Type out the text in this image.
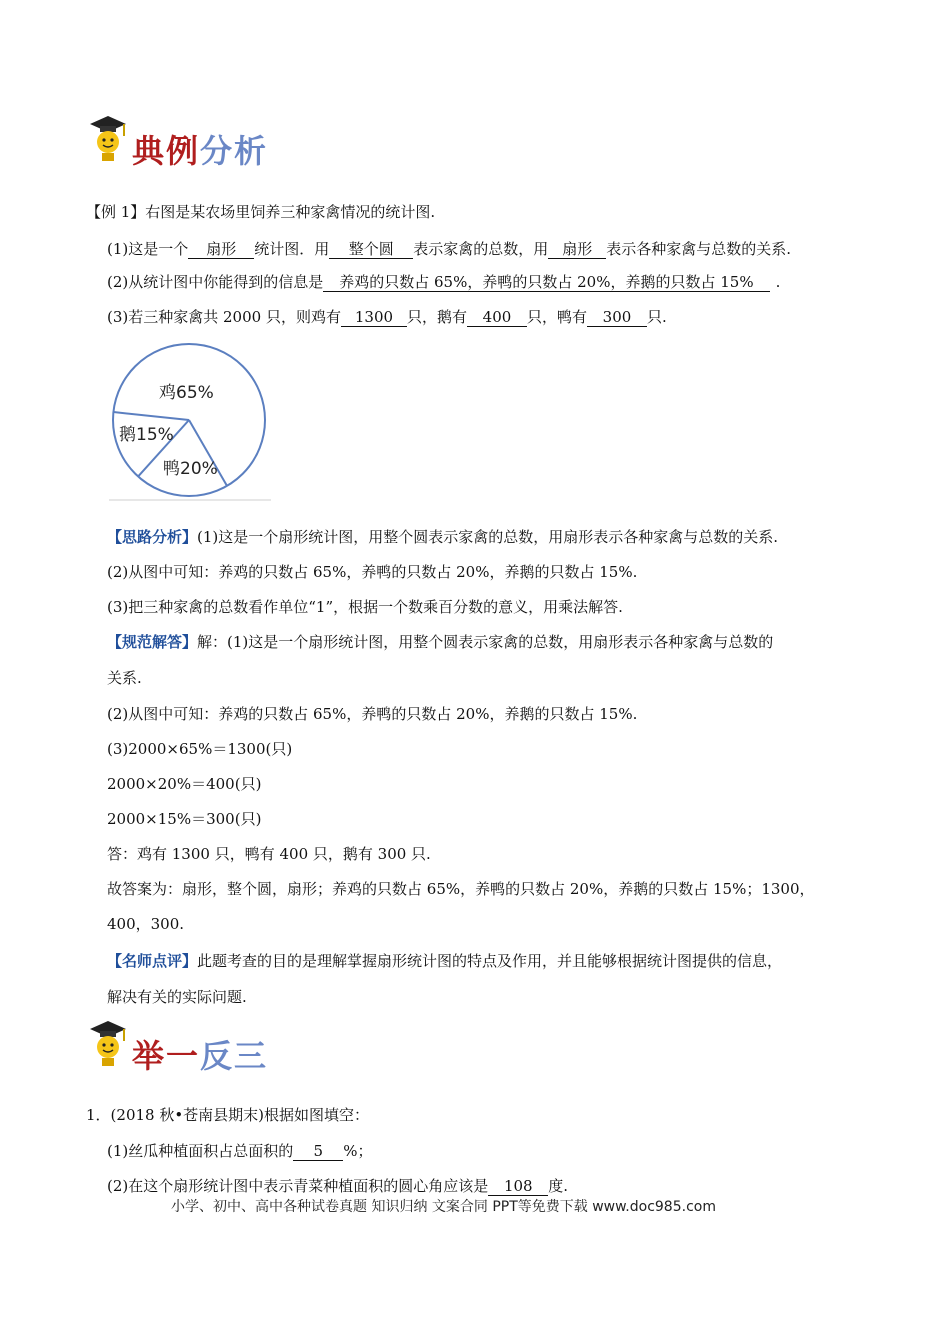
典例分析
【例 1】右图是某农场里饲养三种家禽情况的统计图.
(1)这是一个 扇形 统计图．用 整个圆 表示家禽的总数，用 扇形 表示各种家禽与总数的关系.
(2)从统计图中你能得到的信息是 养鸡的只数占 65%，养鸭的只数占 20%，养鹅的只数占 15% .
(3)若三种家禽共 2000 只，则鸡有 1300 只，鹅有 400 只，鸭有 300 只.
鸡65%
鹅15%
鸭20%
【思路分析】(1)这是一个扇形统计图，用整个圆表示家禽的总数，用扇形表示各种家禽与总数的关系.
(2)从图中可知：养鸡的只数占 65%，养鸭的只数占 20%，养鹅的只数占 15%.
(3)把三种家禽的总数看作单位“1”，根据一个数乘百分数的意义，用乘法解答.
【规范解答】解：(1)这是一个扇形统计图，用整个圆表示家禽的总数，用扇形表示各种家禽与总数的
关系.
(2)从图中可知：养鸡的只数占 65%，养鸭的只数占 20%，养鹅的只数占 15%.
(3)2000×65%＝1300(只)
2000×20%＝400(只)
2000×15%＝300(只)
答：鸡有 1300 只，鸭有 400 只，鹅有 300 只.
故答案为：扇形，整个圆，扇形；养鸡的只数占 65%，养鸭的只数占 20%，养鹅的只数占 15%；1300，
400，300.
【名师点评】此题考查的目的是理解掌握扇形统计图的特点及作用，并且能够根据统计图提供的信息，
解决有关的实际问题.
举一反三
1．(2018 秋•苍南县期末)根据如图填空：
(1)丝瓜种植面积占总面积的 5 %；
(2)在这个扇形统计图中表示青菜种植面积的圆心角应该是 108 度.
小学、初中、高中各种试卷真题 知识归纳 文案合同 PPT等免费下载 www.doc985.com
